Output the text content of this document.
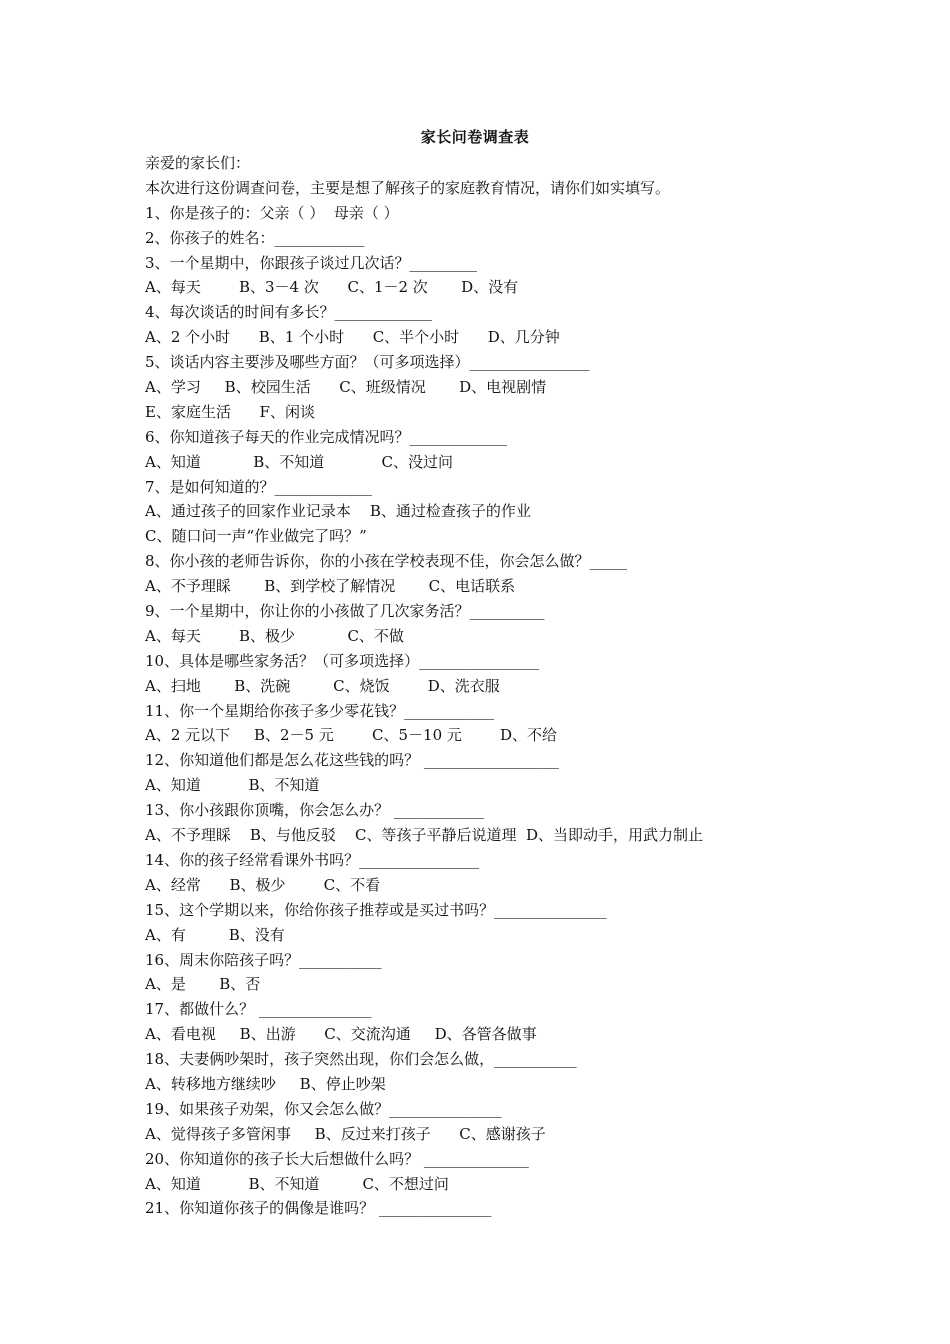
家长问卷调查表
亲爱的家长们：
本次进行这份调查问卷，主要是想了解孩子的家庭教育情况，请你们如实填写。
1、你是孩子的：父亲（ ）  母亲（ ）
2、你孩子的姓名：____________
3、一个星期中，你跟孩子谈过几次话？_________
A、每天        B、3－4 次      C、1－2 次       D、没有
4、每次谈话的时间有多长？_____________
A、2 个小时      B、1 个小时      C、半个小时      D、几分钟
5、谈话内容主要涉及哪些方面？（可多项选择）________________
A、学习     B、校园生活      C、班级情况       D、电视剧情
E、家庭生活      F、闲谈
6、你知道孩子每天的作业完成情况吗？_____________
A、知道           B、不知道            C、没过问
7、是如何知道的？_____________
A、通过孩子的回家作业记录本    B、通过检查孩子的作业
C、随口问一声“作业做完了吗？”
8、你小孩的老师告诉你，你的小孩在学校表现不佳，你会怎么做？_____
A、不予理睬       B、到学校了解情况       C、电话联系
9、一个星期中，你让你的小孩做了几次家务活？__________
A、每天        B、极少           C、不做
10、具体是哪些家务活？（可多项选择）________________
A、扫地       B、洗碗         C、烧饭        D、洗衣服
11、你一个星期给你孩子多少零花钱？____________
A、2 元以下     B、2－5 元        C、5－10 元        D、不给
12、你知道他们都是怎么花这些钱的吗？ __________________
A、知道          B、不知道
13、你小孩跟你顶嘴，你会怎么办？ ____________
A、不予理睬    B、与他反驳    C、等孩子平静后说道理  D、当即动手，用武力制止
14、你的孩子经常看课外书吗？________________
A、经常      B、极少        C、不看
15、这个学期以来，你给你孩子推荐或是买过书吗？_______________
A、有         B、没有
16、周末你陪孩子吗？___________
A、是       B、否
17、都做什么？ _______________
A、看电视     B、出游      C、交流沟通     D、各管各做事
18、夫妻俩吵架时，孩子突然出现，你们会怎么做，___________
A、转移地方继续吵     B、停止吵架
19、如果孩子劝架，你又会怎么做？_______________
A、觉得孩子多管闲事     B、反过来打孩子      C、感谢孩子
20、你知道你的孩子长大后想做什么吗？ ______________
A、知道          B、不知道         C、不想过问
21、你知道你孩子的偶像是谁吗？ _______________
